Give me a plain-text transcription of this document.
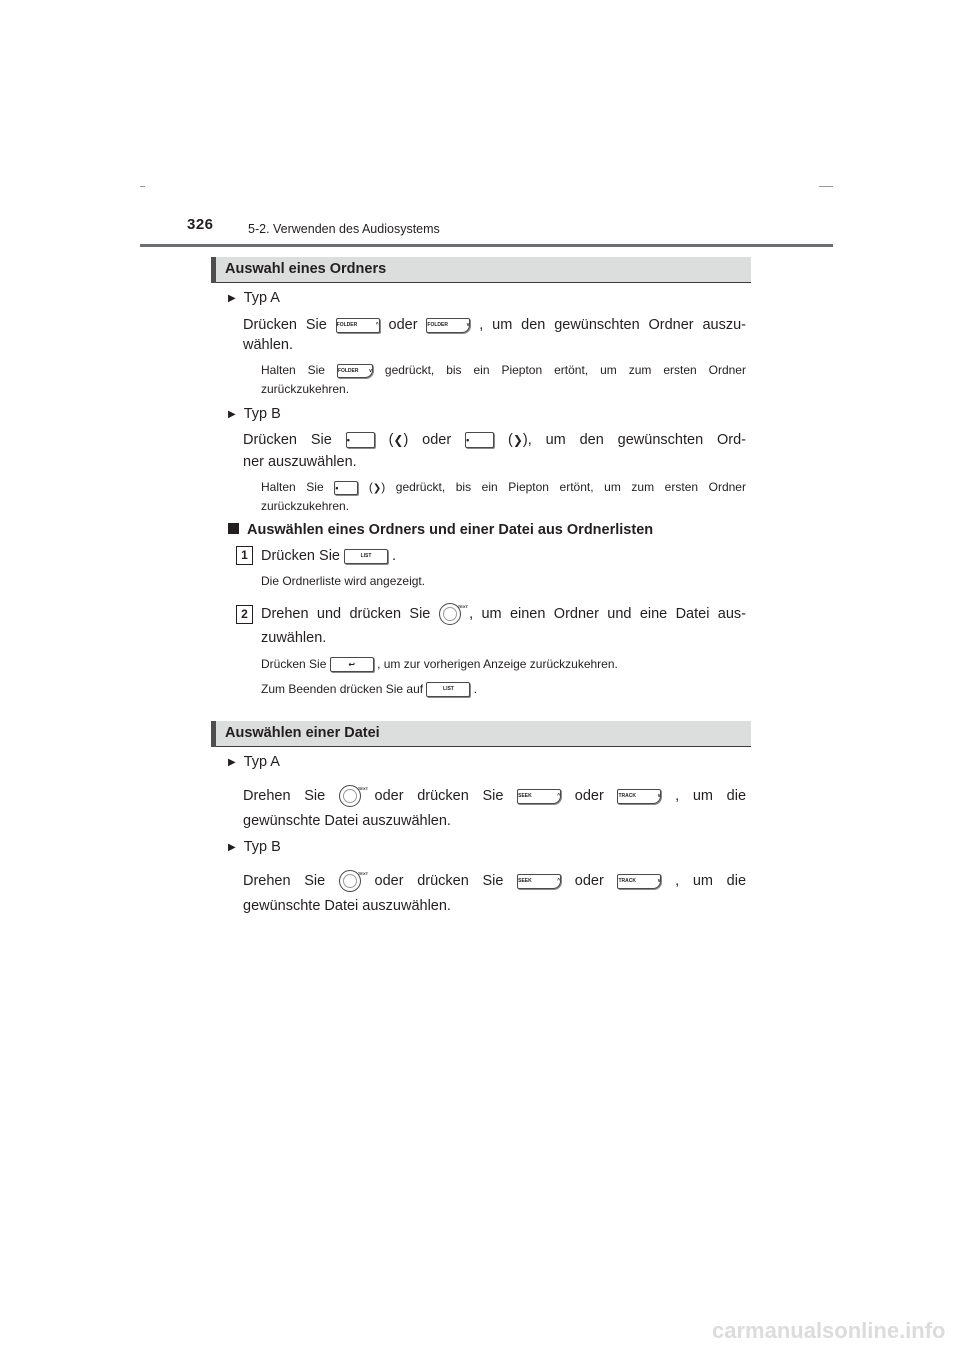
326	5-2. Verwenden des Audiosystems
Auswahl eines Ordners
▶ Typ A
Drücken Sie FOLDER	^ oder FOLDER	v , um den gewünschten Ordner auszu-
wählen.
Halten Sie	FOLDER v gedrückt, bis ein Piepton ertönt, um zum ersten Ordner
zurückzukehren.
▶ Typ B
Drücken Sie •	(❮) oder •	(❯), um den gewünschten Ord-
ner auszuwählen.
Halten Sie •	(❯) gedrückt, bis ein Piepton ertönt, um zum ersten Ordner
zurückzukehren.
Auswählen eines Ordners und einer Datei aus Ordnerlisten
1 Drücken Sie	LIST .
Die Ordnerliste wird angezeigt.
2 Drehen und drücken Sie	TEXT , um einen Ordner und eine Datei aus-
zuwählen.
Drücken Sie	↩ , um zur vorherigen Anzeige zurückzukehren.
Zum Beenden drücken Sie auf	LIST .
Auswählen einer Datei
▶ Typ A
Drehen Sie	TEXT oder drücken Sie	SEEK	^ oder	TRACK	v , um die
gewünschte Datei auszuwählen.
▶ Typ B
Drehen Sie	TEXT oder drücken Sie	SEEK	^ oder	TRACK	v , um die
gewünschte Datei auszuwählen.
carmanualsonline.info
